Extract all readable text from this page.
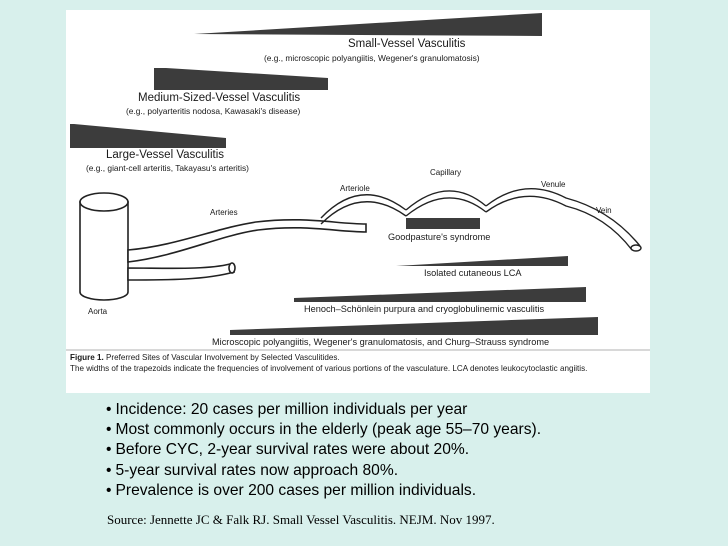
Small-Vessel Vasculitis
(e.g., microscopic polyangiitis, Wegener's granulomatosis)
Medium-Sized-Vessel Vasculitis
(e.g., polyarteritis nodosa, Kawasaki's disease)
Large-Vessel Vasculitis
(e.g., giant-cell arteritis, Takayasu's arteritis)	Capillary
Arteriole	Venule
Vein
Arteries
Aorta
Goodpasture's syndrome
Isolated cutaneous LCA
Henoch–Schönlein purpura and cryoglobulinemic vasculitis
Microscopic polyangiitis, Wegener's granulomatosis, and Churg–Strauss syndrome
Figure 1. Preferred Sites of Vascular Involvement by Selected Vasculitides.
The widths of the trapezoids indicate the frequencies of involvement of various portions of the vasculature. LCA denotes leukocytoclastic angiitis.
• Incidence: 20 cases per million individuals per year
• Most commonly occurs in the elderly (peak age 55–70 years).
• Before CYC, 2-year survival rates were about 20%.
• 5-year survival rates now approach 80%.
• Prevalence is over 200 cases per million individuals.
Source: Jennette JC & Falk RJ. Small Vessel Vasculitis. NEJM. Nov 1997.
